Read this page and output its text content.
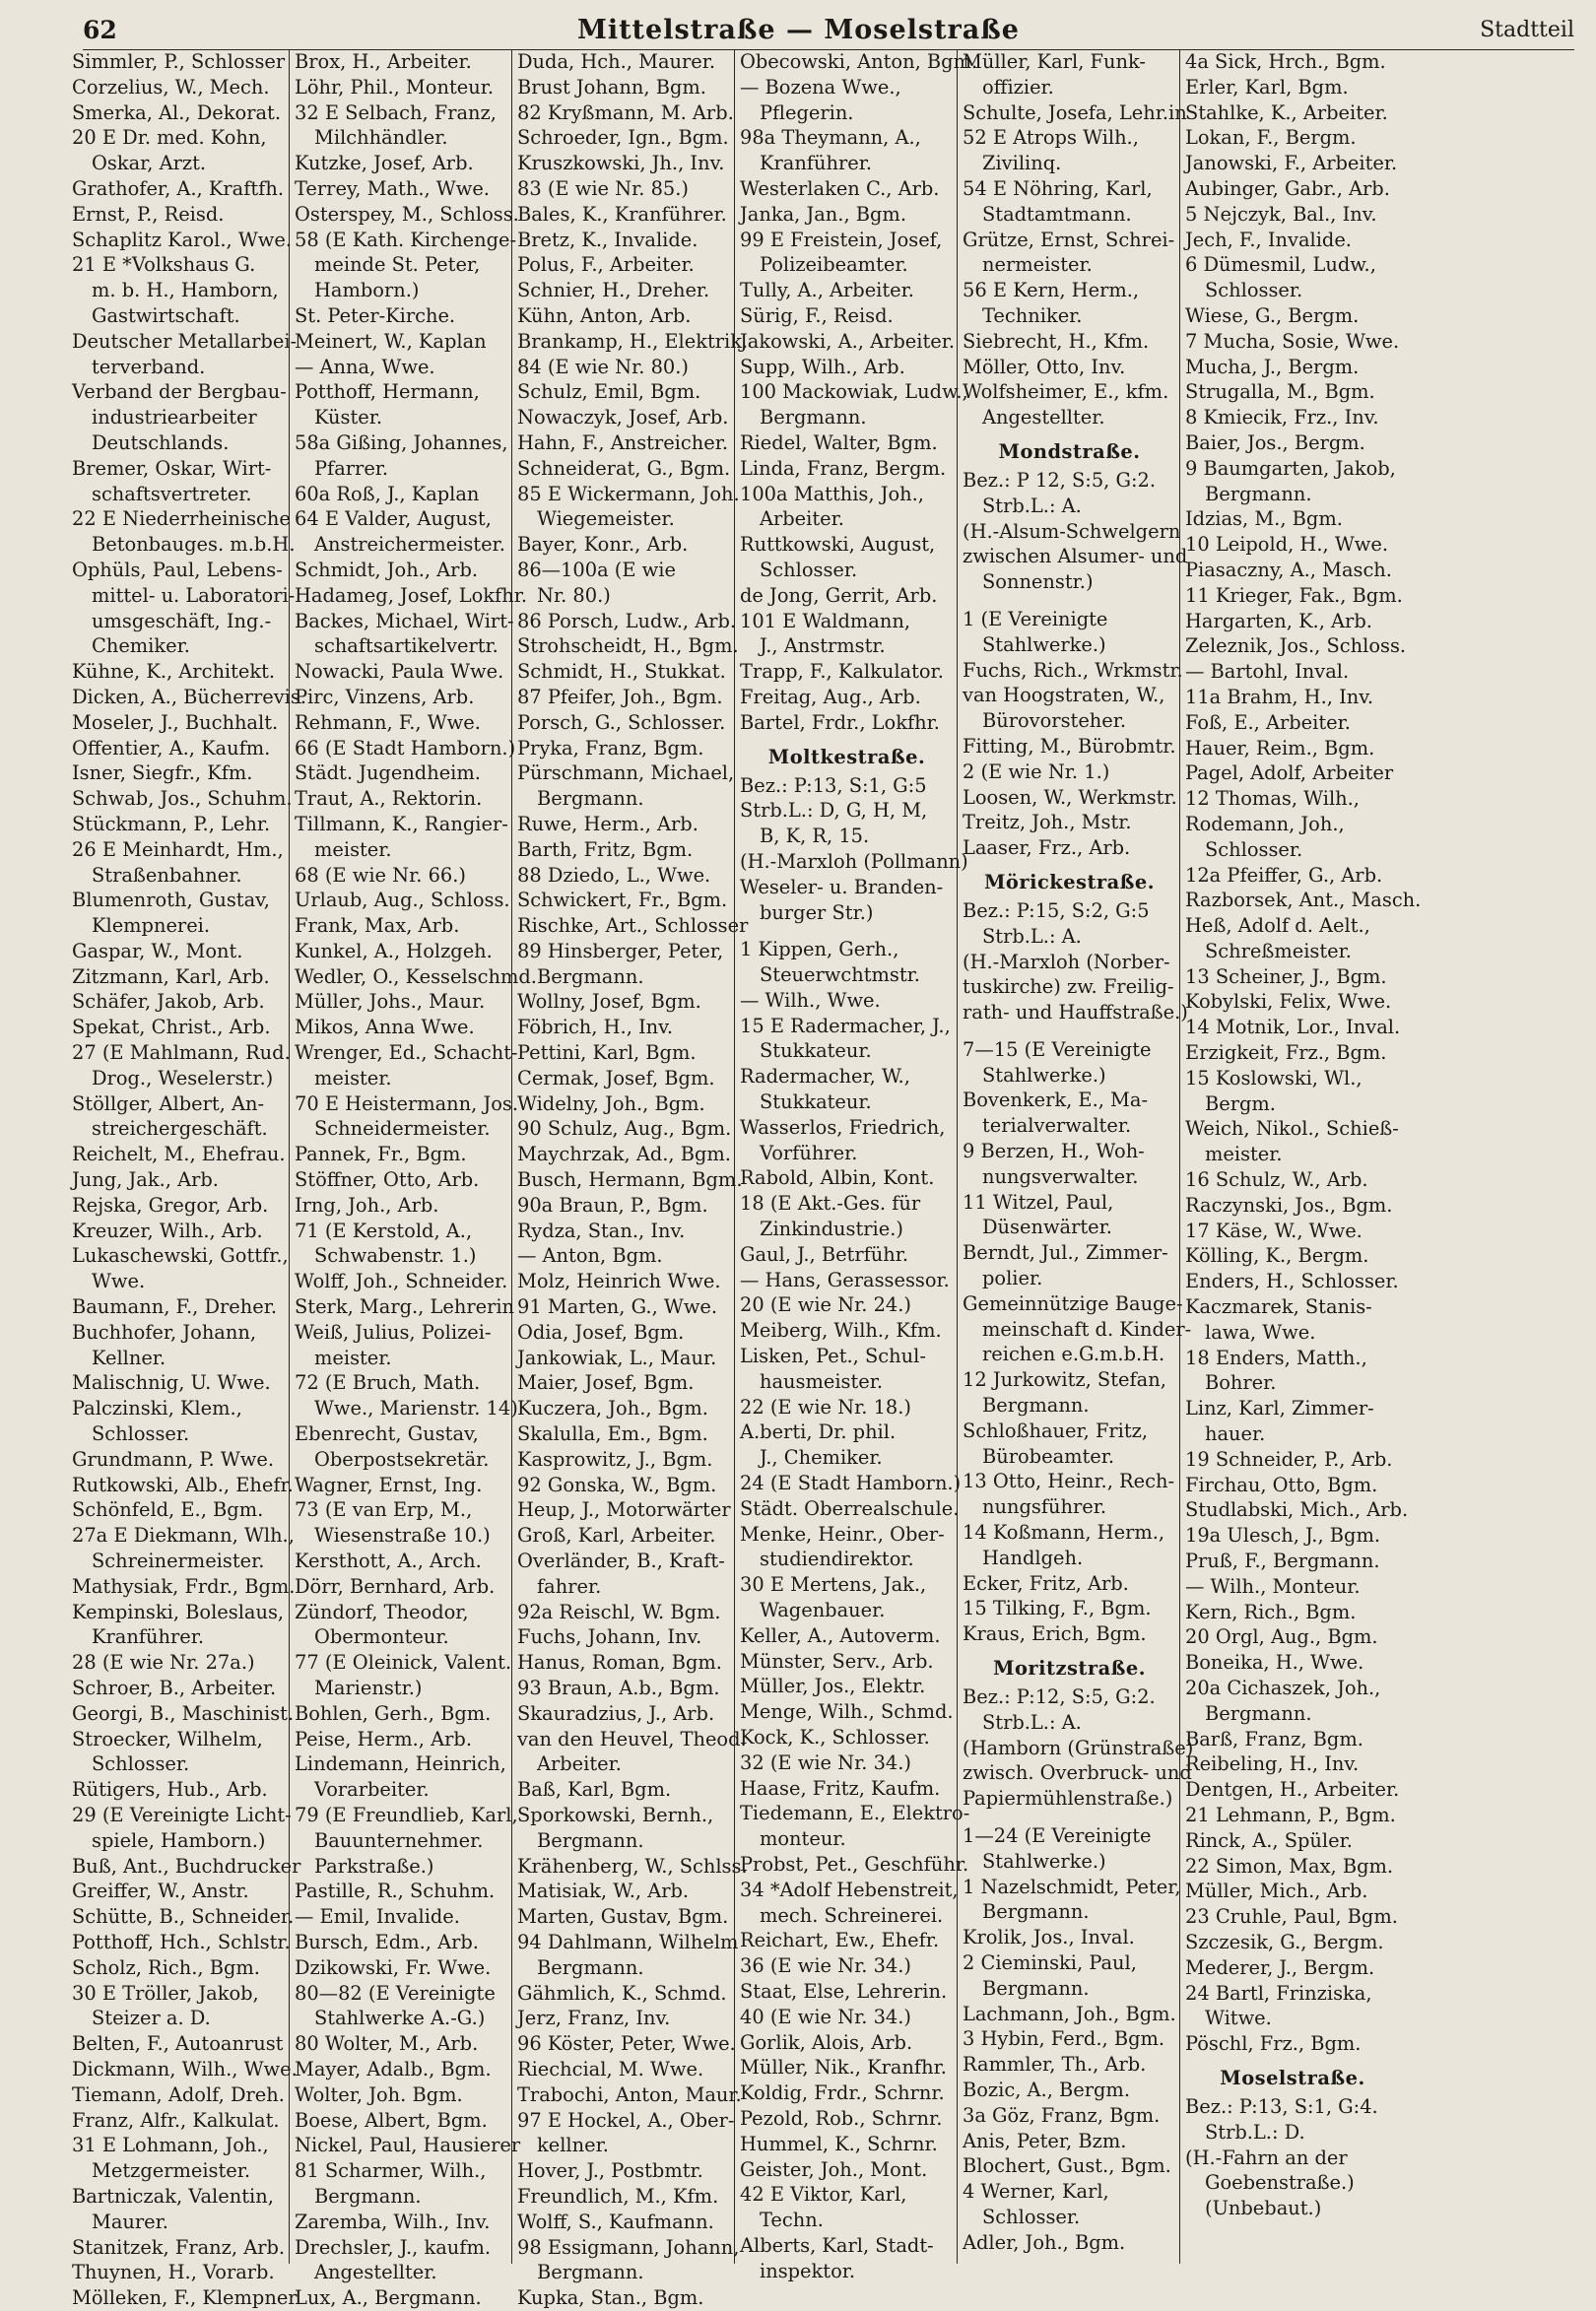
62	Mittelstraße — Moselstraße	Stadtteil
Simmler, P., Schlosser
Corzelius, W., Mech.
Smerka, Al., Dekorat.
20 E Dr. med. Kohn,
Oskar, Arzt.
Grathofer, A., Kraftfh.
Ernst, P., Reisd.
Schaplitz Karol., Wwe.
21 E *Volkshaus G.
m. b. H., Hamborn,
Gastwirtschaft.
Deutscher Metallarbei-
terverband.
Verband der Bergbau-
industriearbeiter
Deutschlands.
Bremer, Oskar, Wirt-
schaftsvertreter.
22 E Niederrheinische
Betonbauges. m.b.H.
Ophüls, Paul, Lebens-
mittel- u. Laboratori-
umsgeschäft, Ing.-
Chemiker.
Kühne, K., Architekt.
Dicken, A., Bücherrevis.
Moseler, J., Buchhalt.
Offentier, A., Kaufm.
Isner, Siegfr., Kfm.
Schwab, Jos., Schuhm.
Stückmann, P., Lehr.
26 E Meinhardt, Hm.,
Straßenbahner.
Blumenroth, Gustav,
Klempnerei.
Gaspar, W., Mont.
Zitzmann, Karl, Arb.
Schäfer, Jakob, Arb.
Spekat, Christ., Arb.
27 (E Mahlmann, Rud.
Drog., Weselerstr.)
Stöllger, Albert, An-
streichergeschäft.
Reichelt, M., Ehefrau.
Jung, Jak., Arb.
Rejska, Gregor, Arb.
Kreuzer, Wilh., Arb.
Lukaschewski, Gottfr.,
Wwe.
Baumann, F., Dreher.
Buchhofer, Johann,
Kellner.
Malischnig, U. Wwe.
Palczinski, Klem.,
Schlosser.
Grundmann, P. Wwe.
Rutkowski, Alb., Ehefr.
Schönfeld, E., Bgm.
27a E Diekmann, Wlh.,
Schreinermeister.
Mathysiak, Frdr., Bgm.
Kempinski, Boleslaus,
Kranführer.
28 (E wie Nr. 27a.)
Schroer, B., Arbeiter.
Georgi, B., Maschinist.
Stroecker, Wilhelm,
Schlosser.
Rütigers, Hub., Arb.
29 (E Vereinigte Licht-
spiele, Hamborn.)
Buß, Ant., Buchdrucker
Greiffer, W., Anstr.
Schütte, B., Schneider.
Potthoff, Hch., Schlstr.
Scholz, Rich., Bgm.
30 E Tröller, Jakob,
Steizer a. D.
Belten, F., Autoanrust
Dickmann, Wilh., Wwe.
Tiemann, Adolf, Dreh.
Franz, Alfr., Kalkulat.
31 E Lohmann, Joh.,
Metzgermeister.
Bartniczak, Valentin,
Maurer.
Stanitzek, Franz, Arb.
Thuynen, H., Vorarb.
Mölleken, F., Klempner
Brox, H., Arbeiter.
Löhr, Phil., Monteur.
32 E Selbach, Franz,
Milchhändler.
Kutzke, Josef, Arb.
Terrey, Math., Wwe.
Osterspey, M., Schloss.
58 (E Kath. Kirchenge-
meinde St. Peter,
Hamborn.)
St. Peter-Kirche.
Meinert, W., Kaplan
— Anna, Wwe.
Potthoff, Hermann,
Küster.
58a Gißing, Johannes,
Pfarrer.
60a Roß, J., Kaplan
64 E Valder, August,
Anstreichermeister.
Schmidt, Joh., Arb.
Hadameg, Josef, Lokfhr.
Backes, Michael, Wirt-
schaftsartikelvertr.
Nowacki, Paula Wwe.
Pirc, Vinzens, Arb.
Rehmann, F., Wwe.
66 (E Stadt Hamborn.)
Städt. Jugendheim.
Traut, A., Rektorin.
Tillmann, K., Rangier-
meister.
68 (E wie Nr. 66.)
Urlaub, Aug., Schloss.
Frank, Max, Arb.
Kunkel, A., Holzgeh.
Wedler, O., Kesselschmd.
Müller, Johs., Maur.
Mikos, Anna Wwe.
Wrenger, Ed., Schacht-
meister.
70 E Heistermann, Jos.
Schneidermeister.
Pannek, Fr., Bgm.
Stöffner, Otto, Arb.
Irng, Joh., Arb.
71 (E Kerstold, A.,
Schwabenstr. 1.)
Wolff, Joh., Schneider.
Sterk, Marg., Lehrerin
Weiß, Julius, Polizei-
meister.
72 (E Bruch, Math.
Wwe., Marienstr. 14)
Ebenrecht, Gustav,
Oberpostsekretär.
Wagner, Ernst, Ing.
73 (E van Erp, M.,
Wiesenstraße 10.)
Kersthott, A., Arch.
Dörr, Bernhard, Arb.
Zündorf, Theodor,
Obermonteur.
77 (E Oleinick, Valent.
Marienstr.)
Bohlen, Gerh., Bgm.
Peise, Herm., Arb.
Lindemann, Heinrich,
Vorarbeiter.
79 (E Freundlieb, Karl,
Bauunternehmer.
Parkstraße.)
Pastille, R., Schuhm.
— Emil, Invalide.
Bursch, Edm., Arb.
Dzikowski, Fr. Wwe.
80—82 (E Vereinigte
Stahlwerke A.-G.)
80 Wolter, M., Arb.
Mayer, Adalb., Bgm.
Wolter, Joh. Bgm.
Boese, Albert, Bgm.
Nickel, Paul, Hausierer
81 Scharmer, Wilh.,
Bergmann.
Zaremba, Wilh., Inv.
Drechsler, J., kaufm.
Angestellter.
Lux, A., Bergmann.
Duda, Hch., Maurer.
Brust Johann, Bgm.
82 Kryßmann, M. Arb.
Schroeder, Ign., Bgm.
Kruszkowski, Jh., Inv.
83 (E wie Nr. 85.)
Bales, K., Kranführer.
Bretz, K., Invalide.
Polus, F., Arbeiter.
Schnier, H., Dreher.
Kühn, Anton, Arb.
Brankamp, H., Elektrik.
84 (E wie Nr. 80.)
Schulz, Emil, Bgm.
Nowaczyk, Josef, Arb.
Hahn, F., Anstreicher.
Schneiderat, G., Bgm.
85 E Wickermann, Joh.
Wiegemeister.
Bayer, Konr., Arb.
86—100a (E wie
Nr. 80.)
86 Porsch, Ludw., Arb.
Strohscheidt, H., Bgm.
Schmidt, H., Stukkat.
87 Pfeifer, Joh., Bgm.
Porsch, G., Schlosser.
Pryka, Franz, Bgm.
Pürschmann, Michael,
Bergmann.
Ruwe, Herm., Arb.
Barth, Fritz, Bgm.
88 Dziedo, L., Wwe.
Schwickert, Fr., Bgm.
Rischke, Art., Schlosser
89 Hinsberger, Peter,
Bergmann.
Wollny, Josef, Bgm.
Föbrich, H., Inv.
Pettini, Karl, Bgm.
Cermak, Josef, Bgm.
Widelny, Joh., Bgm.
90 Schulz, Aug., Bgm.
Maychrzak, Ad., Bgm.
Busch, Hermann, Bgm.
90a Braun, P., Bgm.
Rydza, Stan., Inv.
— Anton, Bgm.
Molz, Heinrich Wwe.
91 Marten, G., Wwe.
Odia, Josef, Bgm.
Jankowiak, L., Maur.
Maier, Josef, Bgm.
Kuczera, Joh., Bgm.
Skalulla, Em., Bgm.
Kasprowitz, J., Bgm.
92 Gonska, W., Bgm.
Heup, J., Motorwärter
Groß, Karl, Arbeiter.
Overländer, B., Kraft-
fahrer.
92a Reischl, W. Bgm.
Fuchs, Johann, Inv.
Hanus, Roman, Bgm.
93 Braun, A.b., Bgm.
Skauradzius, J., Arb.
van den Heuvel, Theod.
Arbeiter.
Baß, Karl, Bgm.
Sporkowski, Bernh.,
Bergmann.
Krähenberg, W., Schlss.
Matisiak, W., Arb.
Marten, Gustav, Bgm.
94 Dahlmann, Wilhelm
Bergmann.
Gähmlich, K., Schmd.
Jerz, Franz, Inv.
96 Köster, Peter, Wwe.
Riechcial, M. Wwe.
Trabochi, Anton, Maur.
97 E Hockel, A., Ober-
kellner.
Hover, J., Postbmtr.
Freundlich, M., Kfm.
Wolff, S., Kaufmann.
98 Essigmann, Johann,
Bergmann.
Kupka, Stan., Bgm.
Obecowski, Anton, Bgm.
— Bozena Wwe.,
Pflegerin.
98a Theymann, A.,
Kranführer.
Westerlaken C., Arb.
Janka, Jan., Bgm.
99 E Freistein, Josef,
Polizeibeamter.
Tully, A., Arbeiter.
Sürig, F., Reisd.
Jakowski, A., Arbeiter.
Supp, Wilh., Arb.
100 Mackowiak, Ludw.,
Bergmann.
Riedel, Walter, Bgm.
Linda, Franz, Bergm.
100a Matthis, Joh.,
Arbeiter.
Ruttkowski, August,
Schlosser.
de Jong, Gerrit, Arb.
101 E Waldmann,
J., Anstrmstr.
Trapp, F., Kalkulator.
Freitag, Aug., Arb.
Bartel, Frdr., Lokfhr.
Moltkestraße.
Bez.: P:13, S:1, G:5
Strb.L.: D, G, H, M,
B, K, R, 15.
(H.-Marxloh (Pollmann)
Weseler- u. Branden-
burger Str.)
1 Kippen, Gerh.,
Steuerwchtmstr.
— Wilh., Wwe.
15 E Radermacher, J.,
Stukkateur.
Radermacher, W.,
Stukkateur.
Wasserlos, Friedrich,
Vorführer.
Rabold, Albin, Kont.
18 (E Akt.-Ges. für
Zinkindustrie.)
Gaul, J., Betrführ.
— Hans, Gerassessor.
20 (E wie Nr. 24.)
Meiberg, Wilh., Kfm.
Lisken, Pet., Schul-
hausmeister.
22 (E wie Nr. 18.)
A.berti, Dr. phil.
J., Chemiker.
24 (E Stadt Hamborn.)
Städt. Oberrealschule.
Menke, Heinr., Ober-
studiendirektor.
30 E Mertens, Jak.,
Wagenbauer.
Keller, A., Autoverm.
Münster, Serv., Arb.
Müller, Jos., Elektr.
Menge, Wilh., Schmd.
Kock, K., Schlosser.
32 (E wie Nr. 34.)
Haase, Fritz, Kaufm.
Tiedemann, E., Elektro-
monteur.
Probst, Pet., Geschführ.
34 *Adolf Hebenstreit,
mech. Schreinerei.
Reichart, Ew., Ehefr.
36 (E wie Nr. 34.)
Staat, Else, Lehrerin.
40 (E wie Nr. 34.)
Gorlik, Alois, Arb.
Müller, Nik., Kranfhr.
Koldig, Frdr., Schrnr.
Pezold, Rob., Schrnr.
Hummel, K., Schrnr.
Geister, Joh., Mont.
42 E Viktor, Karl,
Techn.
Alberts, Karl, Stadt-
inspektor.
Müller, Karl, Funk-
offizier.
Schulte, Josefa, Lehr.in
52 E Atrops Wilh.,
Zivilinq.
54 E Nöhring, Karl,
Stadtamtmann.
Grütze, Ernst, Schrei-
nermeister.
56 E Kern, Herm.,
Techniker.
Siebrecht, H., Kfm.
Möller, Otto, Inv.
Wolfsheimer, E., kfm.
Angestellter.
Mondstraße.
Bez.: P 12, S:5, G:2.
Strb.L.: A.
(H.-Alsum-Schwelgern
zwischen Alsumer- und
Sonnenstr.)
1 (E Vereinigte
Stahlwerke.)
Fuchs, Rich., Wrkmstr.
van Hoogstraten, W.,
Bürovorsteher.
Fitting, M., Bürobmtr.
2 (E wie Nr. 1.)
Loosen, W., Werkmstr.
Treitz, Joh., Mstr.
Laaser, Frz., Arb.
Mörickestraße.
Bez.: P:15, S:2, G:5
Strb.L.: A.
(H.-Marxloh (Norber-
tuskirche) zw. Freilig-
rath- und Hauffstraße.)
7—15 (E Vereinigte
Stahlwerke.)
Bovenkerk, E., Ma-
terialverwalter.
9 Berzen, H., Woh-
nungsverwalter.
11 Witzel, Paul,
Düsenwärter.
Berndt, Jul., Zimmer-
polier.
Gemeinnützige Bauge-
meinschaft d. Kinder-
reichen e.G.m.b.H.
12 Jurkowitz, Stefan,
Bergmann.
Schloßhauer, Fritz,
Bürobeamter.
13 Otto, Heinr., Rech-
nungsführer.
14 Koßmann, Herm.,
Handlgeh.
Ecker, Fritz, Arb.
15 Tilking, F., Bgm.
Kraus, Erich, Bgm.
Moritzstraße.
Bez.: P:12, S:5, G:2.
Strb.L.: A.
(Hamborn (Grünstraße)
zwisch. Overbruck- und
Papiermühlenstraße.)
1—24 (E Vereinigte
Stahlwerke.)
1 Nazelschmidt, Peter,
Bergmann.
Krolik, Jos., Inval.
2 Cieminski, Paul,
Bergmann.
Lachmann, Joh., Bgm.
3 Hybin, Ferd., Bgm.
Rammler, Th., Arb.
Bozic, A., Bergm.
3a Göz, Franz, Bgm.
Anis, Peter, Bzm.
Blochert, Gust., Bgm.
4 Werner, Karl,
Schlosser.
Adler, Joh., Bgm.
4a Sick, Hrch., Bgm.
Erler, Karl, Bgm.
Stahlke, K., Arbeiter.
Lokan, F., Bergm.
Janowski, F., Arbeiter.
Aubinger, Gabr., Arb.
5 Nejczyk, Bal., Inv.
Jech, F., Invalide.
6 Dümesmil, Ludw.,
Schlosser.
Wiese, G., Bergm.
7 Mucha, Sosie, Wwe.
Mucha, J., Bergm.
Strugalla, M., Bgm.
8 Kmiecik, Frz., Inv.
Baier, Jos., Bergm.
9 Baumgarten, Jakob,
Bergmann.
Idzias, M., Bgm.
10 Leipold, H., Wwe.
Piasaczny, A., Masch.
11 Krieger, Fak., Bgm.
Hargarten, K., Arb.
Zeleznik, Jos., Schloss.
— Bartohl, Inval.
11a Brahm, H., Inv.
Foß, E., Arbeiter.
Hauer, Reim., Bgm.
Pagel, Adolf, Arbeiter
12 Thomas, Wilh.,
Rodemann, Joh.,
Schlosser.
12a Pfeiffer, G., Arb.
Razborsek, Ant., Masch.
Heß, Adolf d. Aelt.,
Schreßmeister.
13 Scheiner, J., Bgm.
Kobylski, Felix, Wwe.
14 Motnik, Lor., Inval.
Erzigkeit, Frz., Bgm.
15 Koslowski, Wl.,
Bergm.
Weich, Nikol., Schieß-
meister.
16 Schulz, W., Arb.
Raczynski, Jos., Bgm.
17 Käse, W., Wwe.
Kölling, K., Bergm.
Enders, H., Schlosser.
Kaczmarek, Stanis-
lawa, Wwe.
18 Enders, Matth.,
Bohrer.
Linz, Karl, Zimmer-
hauer.
19 Schneider, P., Arb.
Firchau, Otto, Bgm.
Studlabski, Mich., Arb.
19a Ulesch, J., Bgm.
Pruß, F., Bergmann.
— Wilh., Monteur.
Kern, Rich., Bgm.
20 Orgl, Aug., Bgm.
Boneika, H., Wwe.
20a Cichaszek, Joh.,
Bergmann.
Barß, Franz, Bgm.
Reibeling, H., Inv.
Dentgen, H., Arbeiter.
21 Lehmann, P., Bgm.
Rinck, A., Spüler.
22 Simon, Max, Bgm.
Müller, Mich., Arb.
23 Cruhle, Paul, Bgm.
Szczesik, G., Bergm.
Mederer, J., Bergm.
24 Bartl, Frinziska,
Witwe.
Pöschl, Frz., Bgm.
Moselstraße.
Bez.: P:13, S:1, G:4.
Strb.L.: D.
(H.-Fahrn an der
Goebenstraße.)
(Unbebaut.)
